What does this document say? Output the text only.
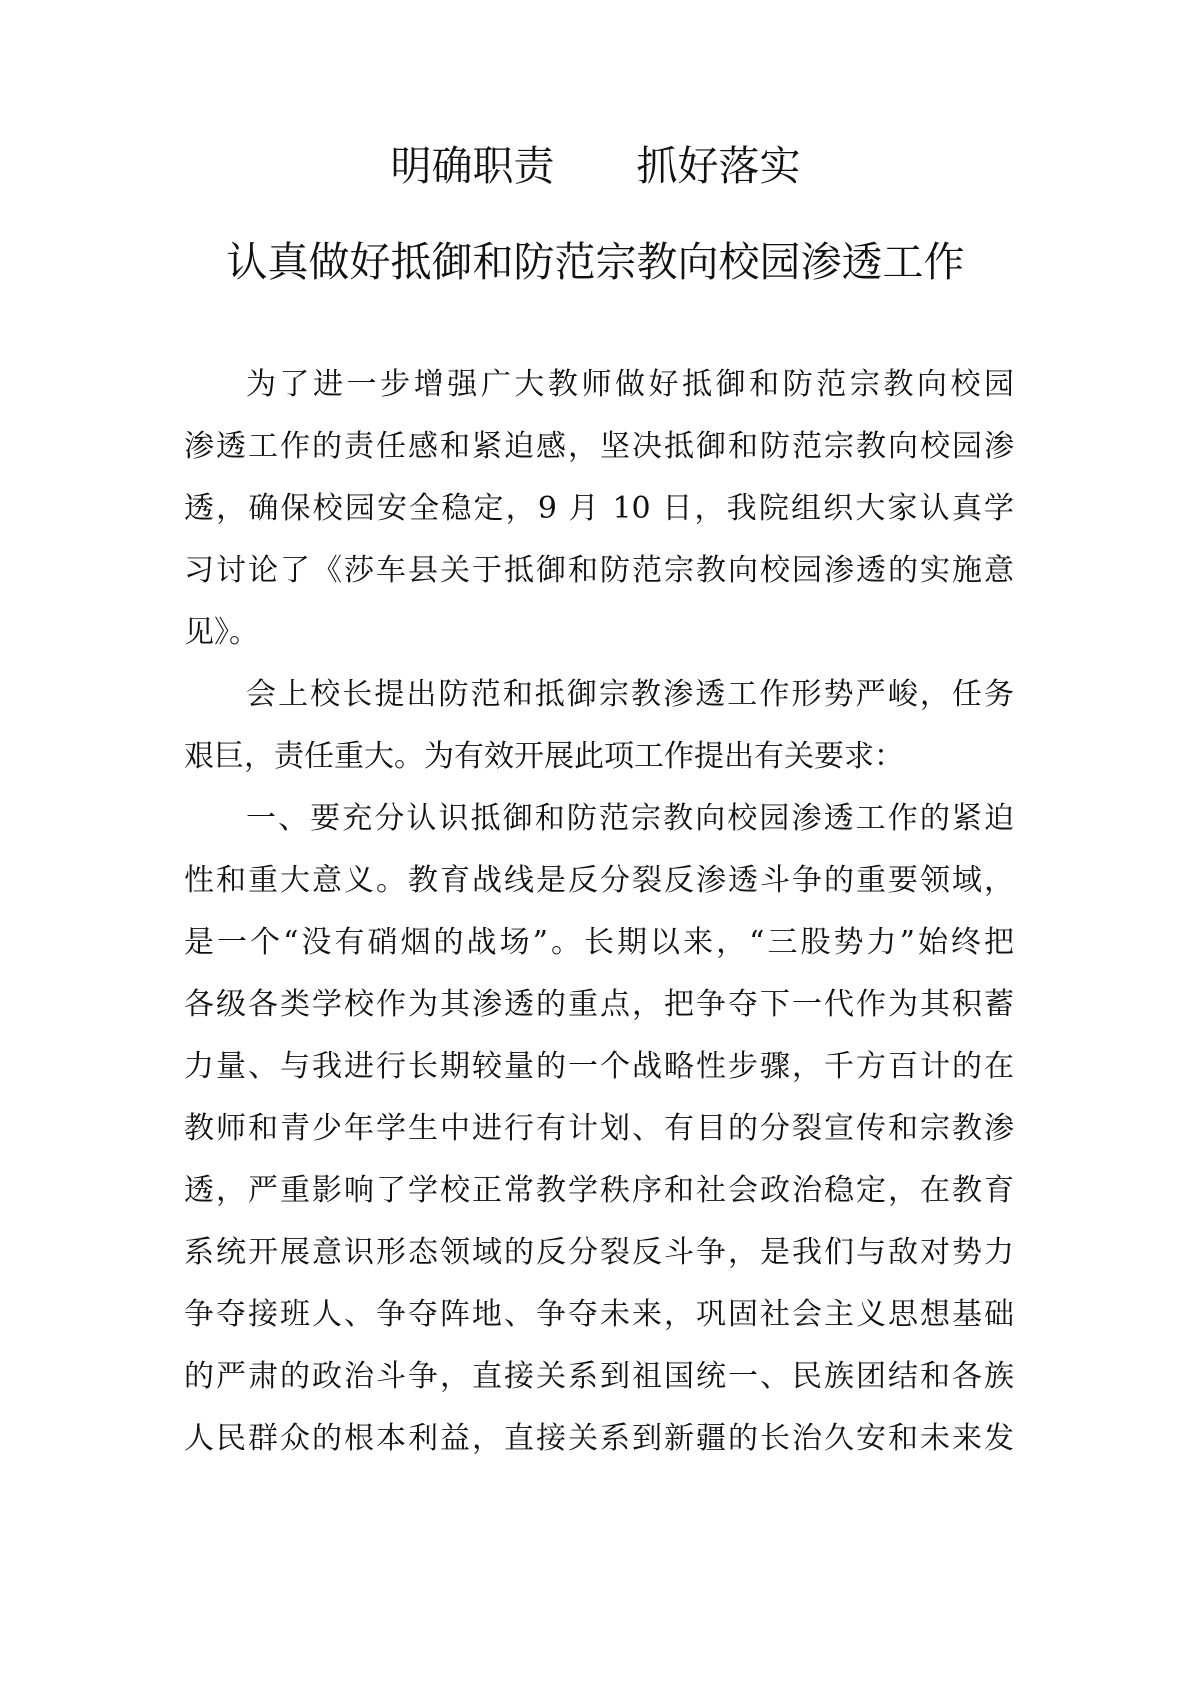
明确职责　　抓好落实
认真做好抵御和防范宗教向校园渗透工作

为了进一步增强广大教师做好抵御和防范宗教向校园

渗透工作的责任感和紧迫感，坚决抵御和防范宗教向校园渗

透，确保校园安全稳定，9 月 10 日，我院组织大家认真学

习讨论了《莎车县关于抵御和防范宗教向校园渗透的实施意

见》。

会上校长提出防范和抵御宗教渗透工作形势严峻，任务

艰巨，责任重大。为有效开展此项工作提出有关要求：

一、要充分认识抵御和防范宗教向校园渗透工作的紧迫

性和重大意义。教育战线是反分裂反渗透斗争的重要领域，

是一个“没有硝烟的战场”。长期以来，“三股势力”始终把

各级各类学校作为其渗透的重点，把争夺下一代作为其积蓄

力量、与我进行长期较量的一个战略性步骤，千方百计的在

教师和青少年学生中进行有计划、有目的分裂宣传和宗教渗

透，严重影响了学校正常教学秩序和社会政治稳定，在教育

系统开展意识形态领域的反分裂反斗争，是我们与敌对势力

争夺接班人、争夺阵地、争夺未来，巩固社会主义思想基础

的严肃的政治斗争，直接关系到祖国统一、民族团结和各族

人民群众的根本利益，直接关系到新疆的长治久安和未来发
